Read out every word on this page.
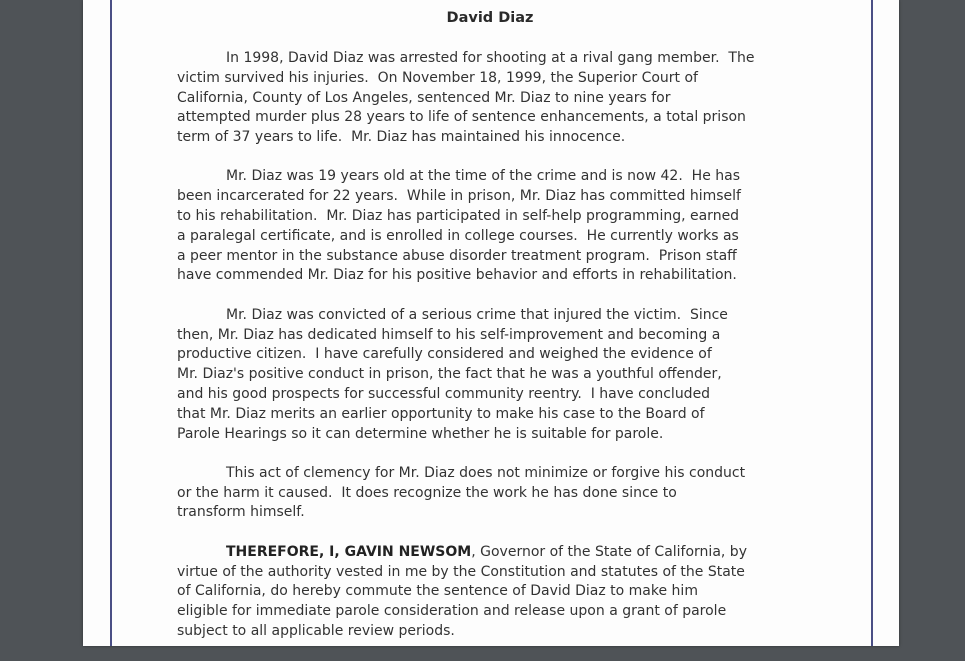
David Diaz
In 1998, David Diaz was arrested for shooting at a rival gang member.  The
victim survived his injuries.  On November 18, 1999, the Superior Court of
California, County of Los Angeles, sentenced Mr. Diaz to nine years for
attempted murder plus 28 years to life of sentence enhancements, a total prison
term of 37 years to life.  Mr. Diaz has maintained his innocence.
Mr. Diaz was 19 years old at the time of the crime and is now 42.  He has
been incarcerated for 22 years.  While in prison, Mr. Diaz has committed himself
to his rehabilitation.  Mr. Diaz has participated in self-help programming, earned
a paralegal certificate, and is enrolled in college courses.  He currently works as
a peer mentor in the substance abuse disorder treatment program.  Prison staff
have commended Mr. Diaz for his positive behavior and efforts in rehabilitation.
Mr. Diaz was convicted of a serious crime that injured the victim.  Since
then, Mr. Diaz has dedicated himself to his self-improvement and becoming a
productive citizen.  I have carefully considered and weighed the evidence of
Mr. Diaz's positive conduct in prison, the fact that he was a youthful offender,
and his good prospects for successful community reentry.  I have concluded
that Mr. Diaz merits an earlier opportunity to make his case to the Board of
Parole Hearings so it can determine whether he is suitable for parole.
This act of clemency for Mr. Diaz does not minimize or forgive his conduct
or the harm it caused.  It does recognize the work he has done since to
transform himself.
THEREFORE, I, GAVIN NEWSOM, Governor of the State of California, by
virtue of the authority vested in me by the Constitution and statutes of the State
of California, do hereby commute the sentence of David Diaz to make him
eligible for immediate parole consideration and release upon a grant of parole
subject to all applicable review periods.
